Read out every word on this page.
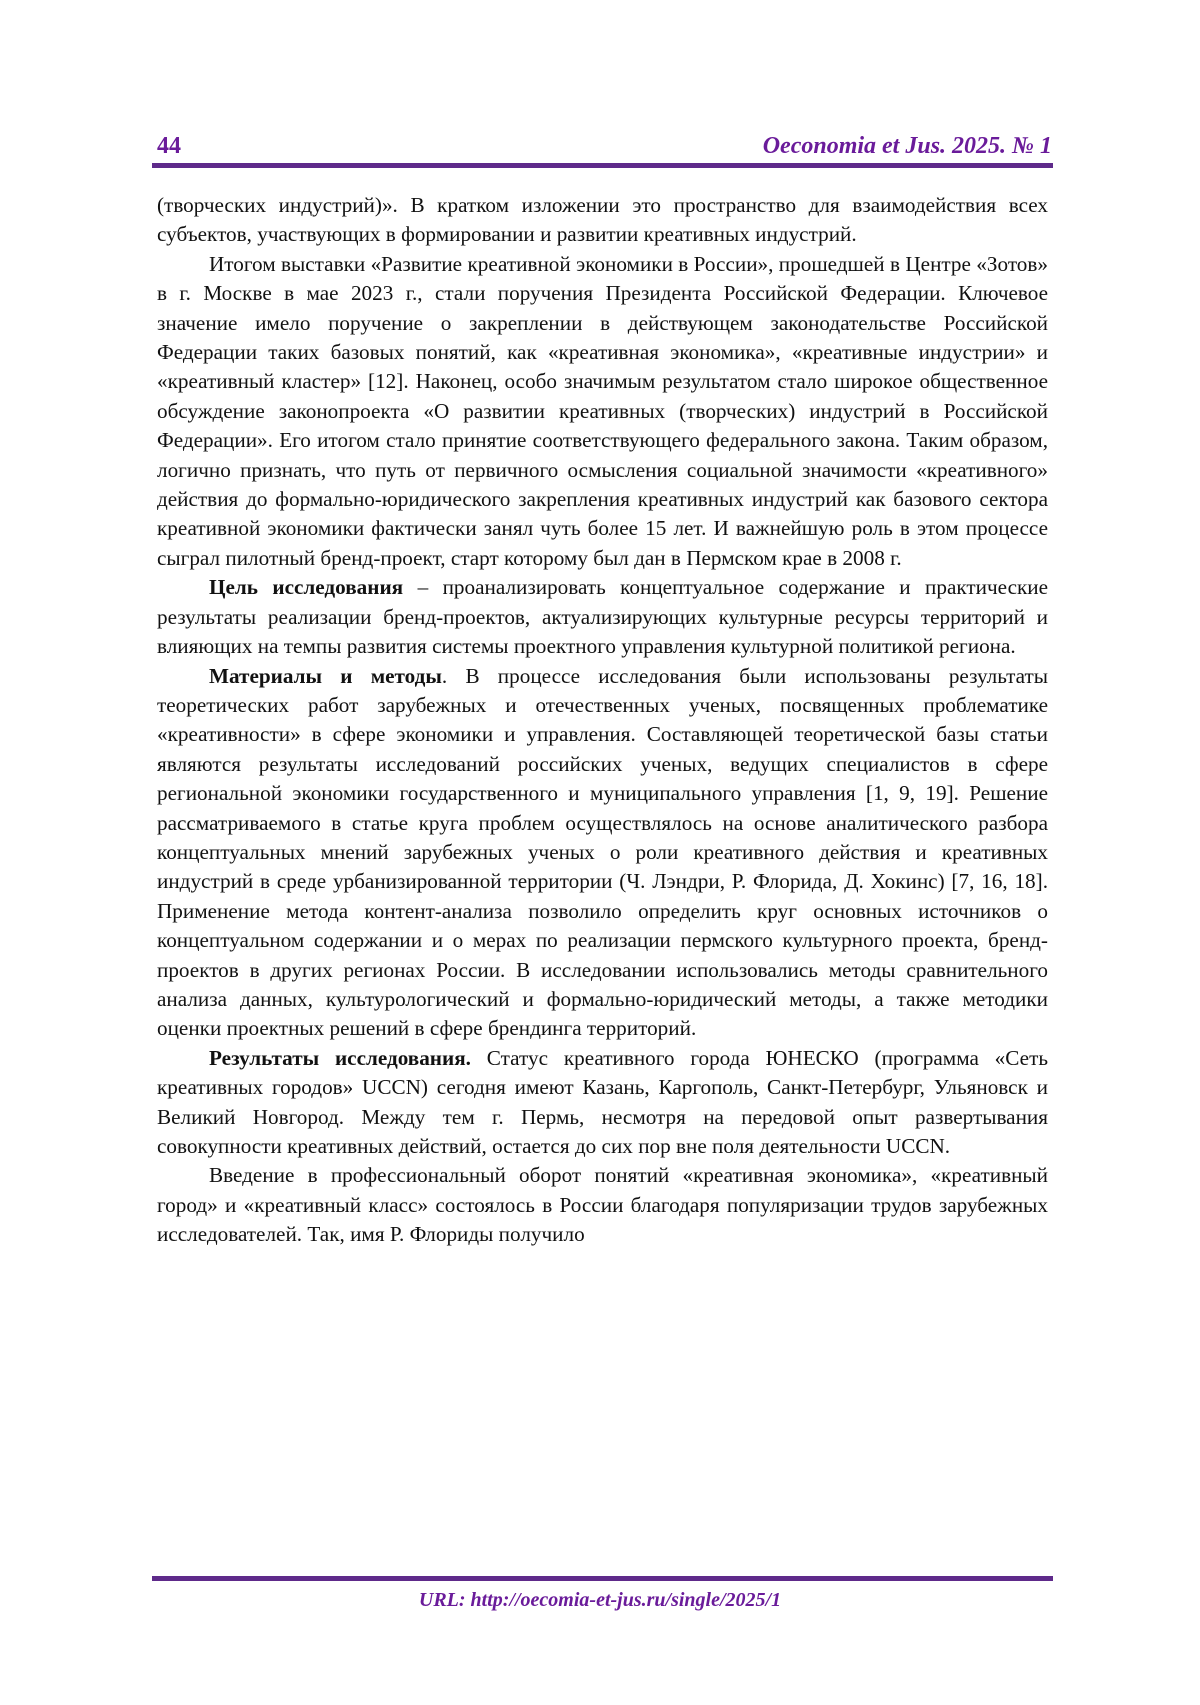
44	Oeconomia et Jus. 2025. № 1

(творческих индустрий)». В кратком изложении это пространство для взаимодействия всех субъектов, участвующих в формировании и развитии креативных индустрий.

Итогом выставки «Развитие креативной экономики в России», прошедшей в Центре «Зотов» в г. Москве в мае 2023 г., стали поручения Президента Российской Федерации. Ключевое значение имело поручение о закреплении в действующем законодательстве Российской Федерации таких базовых понятий, как «креативная экономика», «креативные индустрии» и «креативный кластер» [12]. Наконец, особо значимым результатом стало широкое общественное обсуждение законопроекта «О развитии креативных (творческих) индустрий в Российской Федерации». Его итогом стало принятие соответствующего федерального закона. Таким образом, логично признать, что путь от первичного осмысления социальной значимости «креативного» действия до формально-юридического закрепления креативных индустрий как базового сектора креативной экономики фактически занял чуть более 15 лет. И важнейшую роль в этом процессе сыграл пилотный бренд-проект, старт которому был дан в Пермском крае в 2008 г.

Цель исследования – проанализировать концептуальное содержание и практические результаты реализации бренд-проектов, актуализирующих культурные ресурсы территорий и влияющих на темпы развития системы проектного управления культурной политикой региона.

Материалы и методы. В процессе исследования были использованы результаты теоретических работ зарубежных и отечественных ученых, посвященных проблематике «креативности» в сфере экономики и управления. Составляющей теоретической базы статьи являются результаты исследований российских ученых, ведущих специалистов в сфере региональной экономики государственного и муниципального управления [1, 9, 19]. Решение рассматриваемого в статье круга проблем осуществлялось на основе аналитического разбора концептуальных мнений зарубежных ученых о роли креативного действия и креативных индустрий в среде урбанизированной территории (Ч. Лэндри, Р. Флорида, Д. Хокинс) [7, 16, 18]. Применение метода контент-анализа позволило определить круг основных источников о концептуальном содержании и о мерах по реализации пермского культурного проекта, бренд-проектов в других регионах России. В исследовании использовались методы сравнительного анализа данных, культурологический и формально-юридический методы, а также методики оценки проектных решений в сфере брендинга территорий.

Результаты исследования. Статус креативного города ЮНЕСКО (программа «Сеть креативных городов» UCCN) сегодня имеют Казань, Каргополь, Санкт-Петербург, Ульяновск и Великий Новгород. Между тем г. Пермь, несмотря на передовой опыт развертывания совокупности креативных действий, остается до сих пор вне поля деятельности UCCN.

Введение в профессиональный оборот понятий «креативная экономика», «креативный город» и «креативный класс» состоялось в России благодаря популяризации трудов зарубежных исследователей. Так, имя Р. Флориды получило

URL: http://oecomia-et-jus.ru/single/2025/1
